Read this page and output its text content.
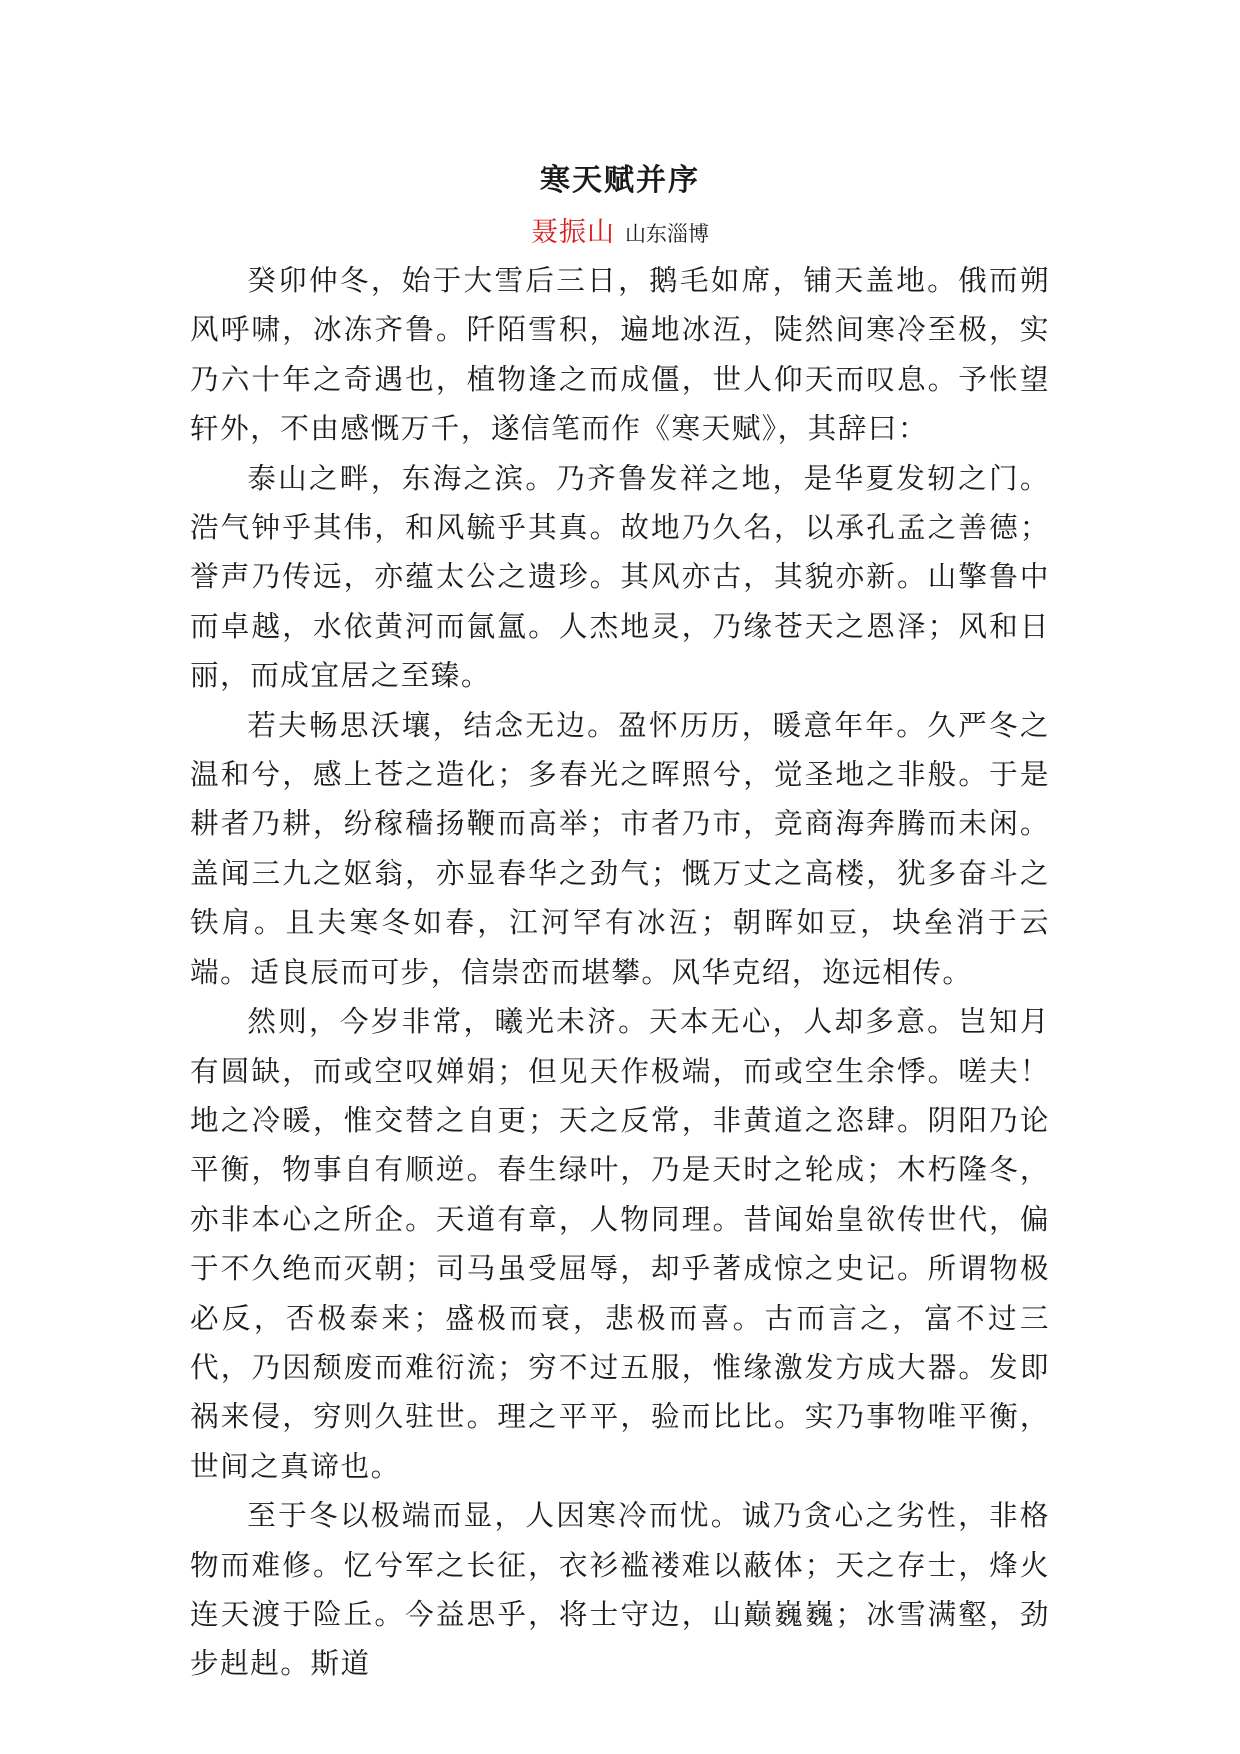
寒天赋并序
聂振山 山东淄博

癸卯仲冬，始于大雪后三日，鹅毛如席，铺天盖地。俄而朔风呼啸，冰冻齐鲁。阡陌雪积，遍地冰沍，陡然间寒冷至极，实乃六十年之奇遇也，植物逢之而成僵，世人仰天而叹息。予怅望轩外，不由感慨万千，遂信笔而作《寒天赋》，其辞曰：

泰山之畔，东海之滨。乃齐鲁发祥之地，是华夏发轫之门。浩气钟乎其伟，和风毓乎其真。故地乃久名，以承孔孟之善德；誉声乃传远，亦蕴太公之遗珍。其风亦古，其貌亦新。山擎鲁中而卓越，水依黄河而氤氲。人杰地灵，乃缘苍天之恩泽；风和日丽，而成宜居之至臻。

若夫畅思沃壤，结念无边。盈怀历历，暖意年年。久严冬之温和兮，感上苍之造化；多春光之晖照兮，觉圣地之非般。于是耕者乃耕，纷稼穑扬鞭而高举；市者乃市，竞商海奔腾而未闲。盖闻三九之妪翁，亦显春华之劲气；慨万丈之高楼，犹多奋斗之铁肩。且夫寒冬如春，江河罕有冰沍；朝晖如豆，块垒消于云端。适良辰而可步，信崇峦而堪攀。风华克绍，迩远相传。

然则，今岁非常，曦光未济。天本无心，人却多意。岂知月有圆缺，而或空叹婵娟；但见天作极端，而或空生余悸。嗟夫！地之冷暖，惟交替之自更；天之反常，非黄道之恣肆。阴阳乃论平衡，物事自有顺逆。春生绿叶，乃是天时之轮成；木朽隆冬，亦非本心之所企。天道有章，人物同理。昔闻始皇欲传世代，偏于不久绝而灭朝；司马虽受屈辱，却乎著成惊之史记。所谓物极必反，否极泰来；盛极而衰，悲极而喜。古而言之，富不过三代，乃因颓废而难衍流；穷不过五服，惟缘激发方成大器。发即祸来侵，穷则久驻世。理之平平，验而比比。实乃事物唯平衡，世间之真谛也。

至于冬以极端而显，人因寒冷而忧。诚乃贪心之劣性，非格物而难修。忆兮军之长征，衣衫褴褛难以蔽体；天之存士，烽火连天渡于险丘。今益思乎，将士守边，山巅巍巍；冰雪满壑，劲步赳赳。斯道
